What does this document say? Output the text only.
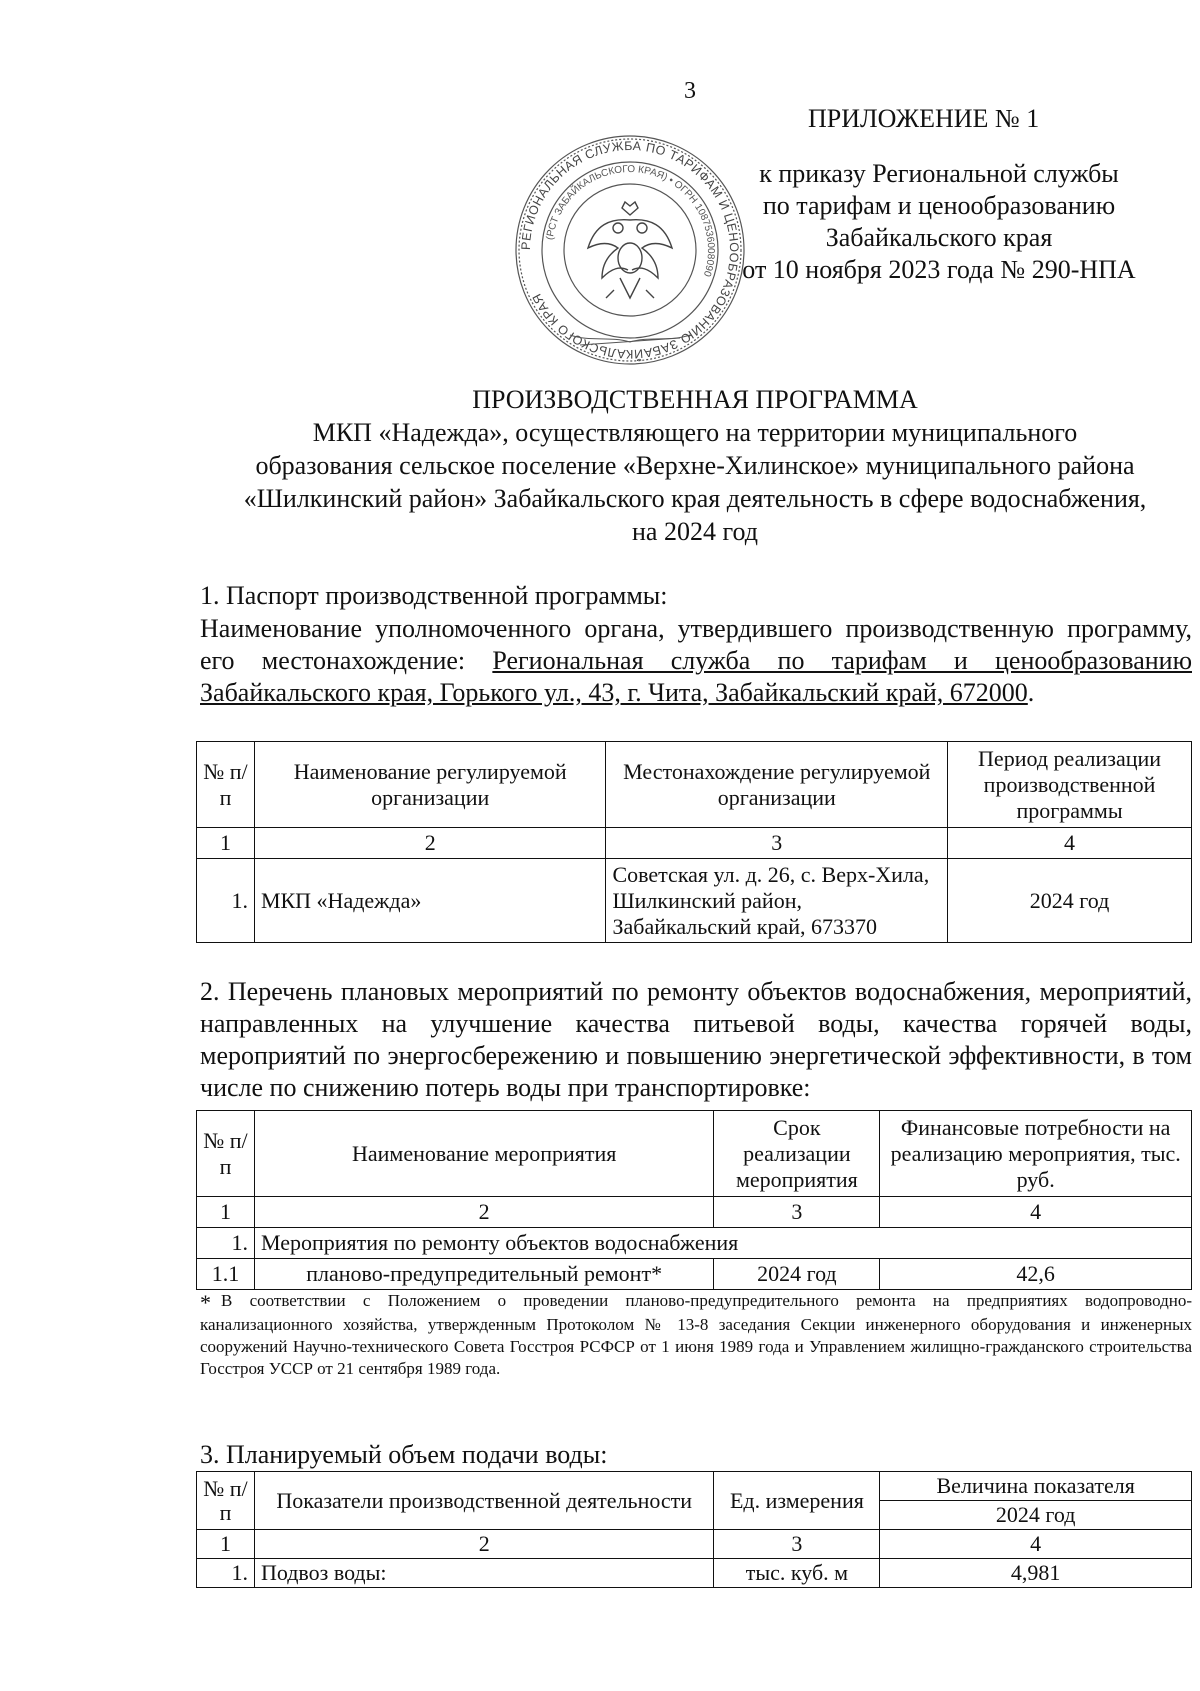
3
ПРИЛОЖЕНИЕ № 1
к приказу Региональной службы
по тарифам и ценообразованию
Забайкальского края
от 10 ноября 2023 года № 290-НПА
РЕГИОНАЛЬНАЯ СЛУЖБА ПО ТАРИФАМ И ЦЕНООБРАЗОВАНИЮ ЗАБАЙКАЛЬСКОГО КРАЯ
(РСТ ЗАБАЙКАЛЬСКОГО КРАЯ) • ОГРН 1087536008090
ПРОИЗВОДСТВЕННАЯ ПРОГРАММА
МКП «Надежда», осуществляющего на территории муниципального
образования сельское поселение «Верхне-Хилинское» муниципального района
«Шилкинский район» Забайкальского края деятельность в сфере водоснабжения,
на 2024 год
1. Паспорт производственной программы:
Наименование уполномоченного органа, утвердившего производственную программу, его местонахождение: Региональная служба по тарифам и ценообразованию Забайкальского края, Горького ул., 43, г. Чита, Забайкальский край, 672000.
№ п/п	Наименование регулируемой организации	Местонахождение регулируемой организации	Период реализации производственной программы
1	2	3	4
1.	МКП «Надежда»	Советская ул. д. 26, с. Верх-Хила, Шилкинский район, Забайкальский край, 673370	2024 год
2. Перечень плановых мероприятий по ремонту объектов водоснабжения, мероприятий, направленных на улучшение качества питьевой воды, качества горячей воды, мероприятий по энергосбережению и повышению энергетической эффективности, в том числе по снижению потерь воды при транспортировке:
№ п/п	Наименование мероприятия	Срок реализации мероприятия	Финансовые потребности на реализацию мероприятия, тыс. руб.
1	2	3	4
1.	Мероприятия по ремонту объектов водоснабжения		
1.1	планово-предупредительный ремонт*	2024 год	42,6
* В соответствии с Положением о проведении планово-предупредительного ремонта на предприятиях водопроводно-канализационного хозяйства, утвержденным Протоколом № 13-8 заседания Секции инженерного оборудования и инженерных сооружений Научно-технического Совета Госстроя РСФСР от 1 июня 1989 года и Управлением жилищно-гражданского строительства Госстроя УССР от 21 сентября 1989 года.
3. Планируемый объем подачи воды:
№ п/п	Показатели производственной деятельности	Ед. измерения	Величина показателя
			2024 год
1	2	3	4
1.	Подвоз воды:	тыс. куб. м	4,981
